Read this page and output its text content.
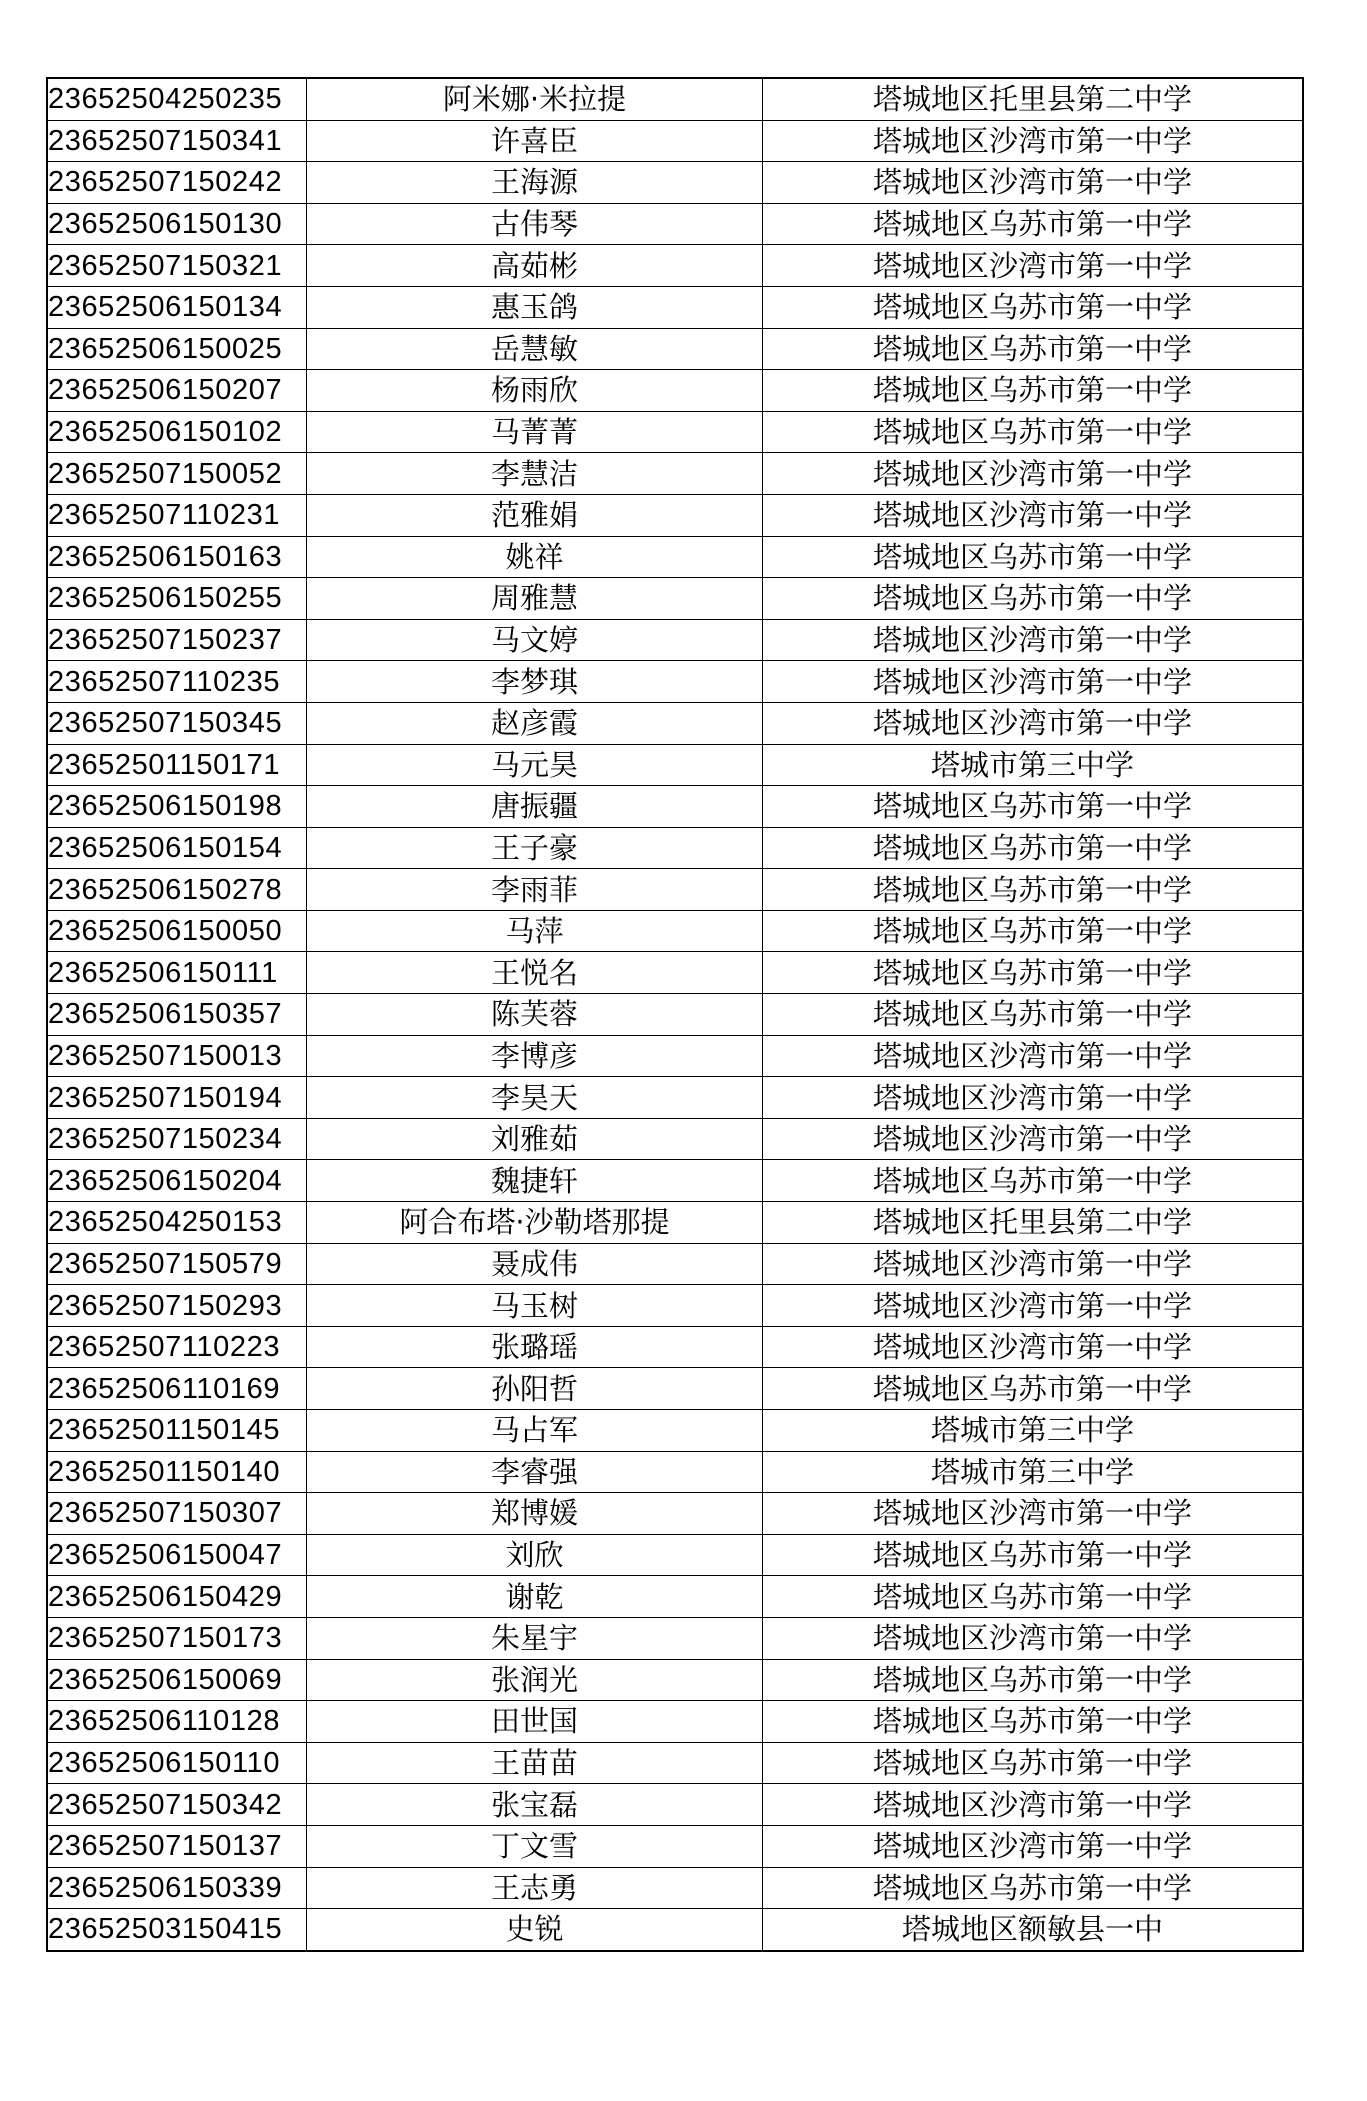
23652504250235	阿米娜·米拉提	塔城地区托里县第二中学
23652507150341	许喜臣	塔城地区沙湾市第一中学
23652507150242	王海源	塔城地区沙湾市第一中学
23652506150130	古伟琴	塔城地区乌苏市第一中学
23652507150321	高茹彬	塔城地区沙湾市第一中学
23652506150134	惠玉鸽	塔城地区乌苏市第一中学
23652506150025	岳慧敏	塔城地区乌苏市第一中学
23652506150207	杨雨欣	塔城地区乌苏市第一中学
23652506150102	马菁菁	塔城地区乌苏市第一中学
23652507150052	李慧洁	塔城地区沙湾市第一中学
23652507110231	范雅娟	塔城地区沙湾市第一中学
23652506150163	姚祥	塔城地区乌苏市第一中学
23652506150255	周雅慧	塔城地区乌苏市第一中学
23652507150237	马文婷	塔城地区沙湾市第一中学
23652507110235	李梦琪	塔城地区沙湾市第一中学
23652507150345	赵彦霞	塔城地区沙湾市第一中学
23652501150171	马元昊	塔城市第三中学
23652506150198	唐振疆	塔城地区乌苏市第一中学
23652506150154	王子豪	塔城地区乌苏市第一中学
23652506150278	李雨菲	塔城地区乌苏市第一中学
23652506150050	马萍	塔城地区乌苏市第一中学
23652506150111	王悦名	塔城地区乌苏市第一中学
23652506150357	陈芙蓉	塔城地区乌苏市第一中学
23652507150013	李博彦	塔城地区沙湾市第一中学
23652507150194	李昊天	塔城地区沙湾市第一中学
23652507150234	刘雅茹	塔城地区沙湾市第一中学
23652506150204	魏捷轩	塔城地区乌苏市第一中学
23652504250153	阿合布塔·沙勒塔那提	塔城地区托里县第二中学
23652507150579	聂成伟	塔城地区沙湾市第一中学
23652507150293	马玉树	塔城地区沙湾市第一中学
23652507110223	张璐瑶	塔城地区沙湾市第一中学
23652506110169	孙阳哲	塔城地区乌苏市第一中学
23652501150145	马占军	塔城市第三中学
23652501150140	李睿强	塔城市第三中学
23652507150307	郑博媛	塔城地区沙湾市第一中学
23652506150047	刘欣	塔城地区乌苏市第一中学
23652506150429	谢乾	塔城地区乌苏市第一中学
23652507150173	朱星宇	塔城地区沙湾市第一中学
23652506150069	张润光	塔城地区乌苏市第一中学
23652506110128	田世国	塔城地区乌苏市第一中学
23652506150110	王苗苗	塔城地区乌苏市第一中学
23652507150342	张宝磊	塔城地区沙湾市第一中学
23652507150137	丁文雪	塔城地区沙湾市第一中学
23652506150339	王志勇	塔城地区乌苏市第一中学
23652503150415	史锐	塔城地区额敏县一中
